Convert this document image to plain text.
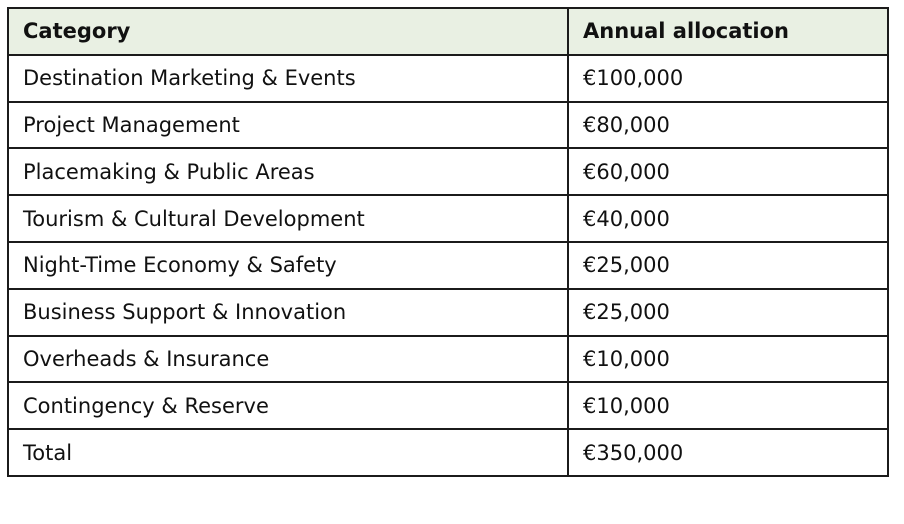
Category	Annual allocation
Destination Marketing & Events	€100,000
Project Management	€80,000
Placemaking & Public Areas	€60,000
Tourism & Cultural Development	€40,000
Night-Time Economy & Safety	€25,000
Business Support & Innovation	€25,000
Overheads & Insurance	€10,000
Contingency & Reserve	€10,000
Total	€350,000
